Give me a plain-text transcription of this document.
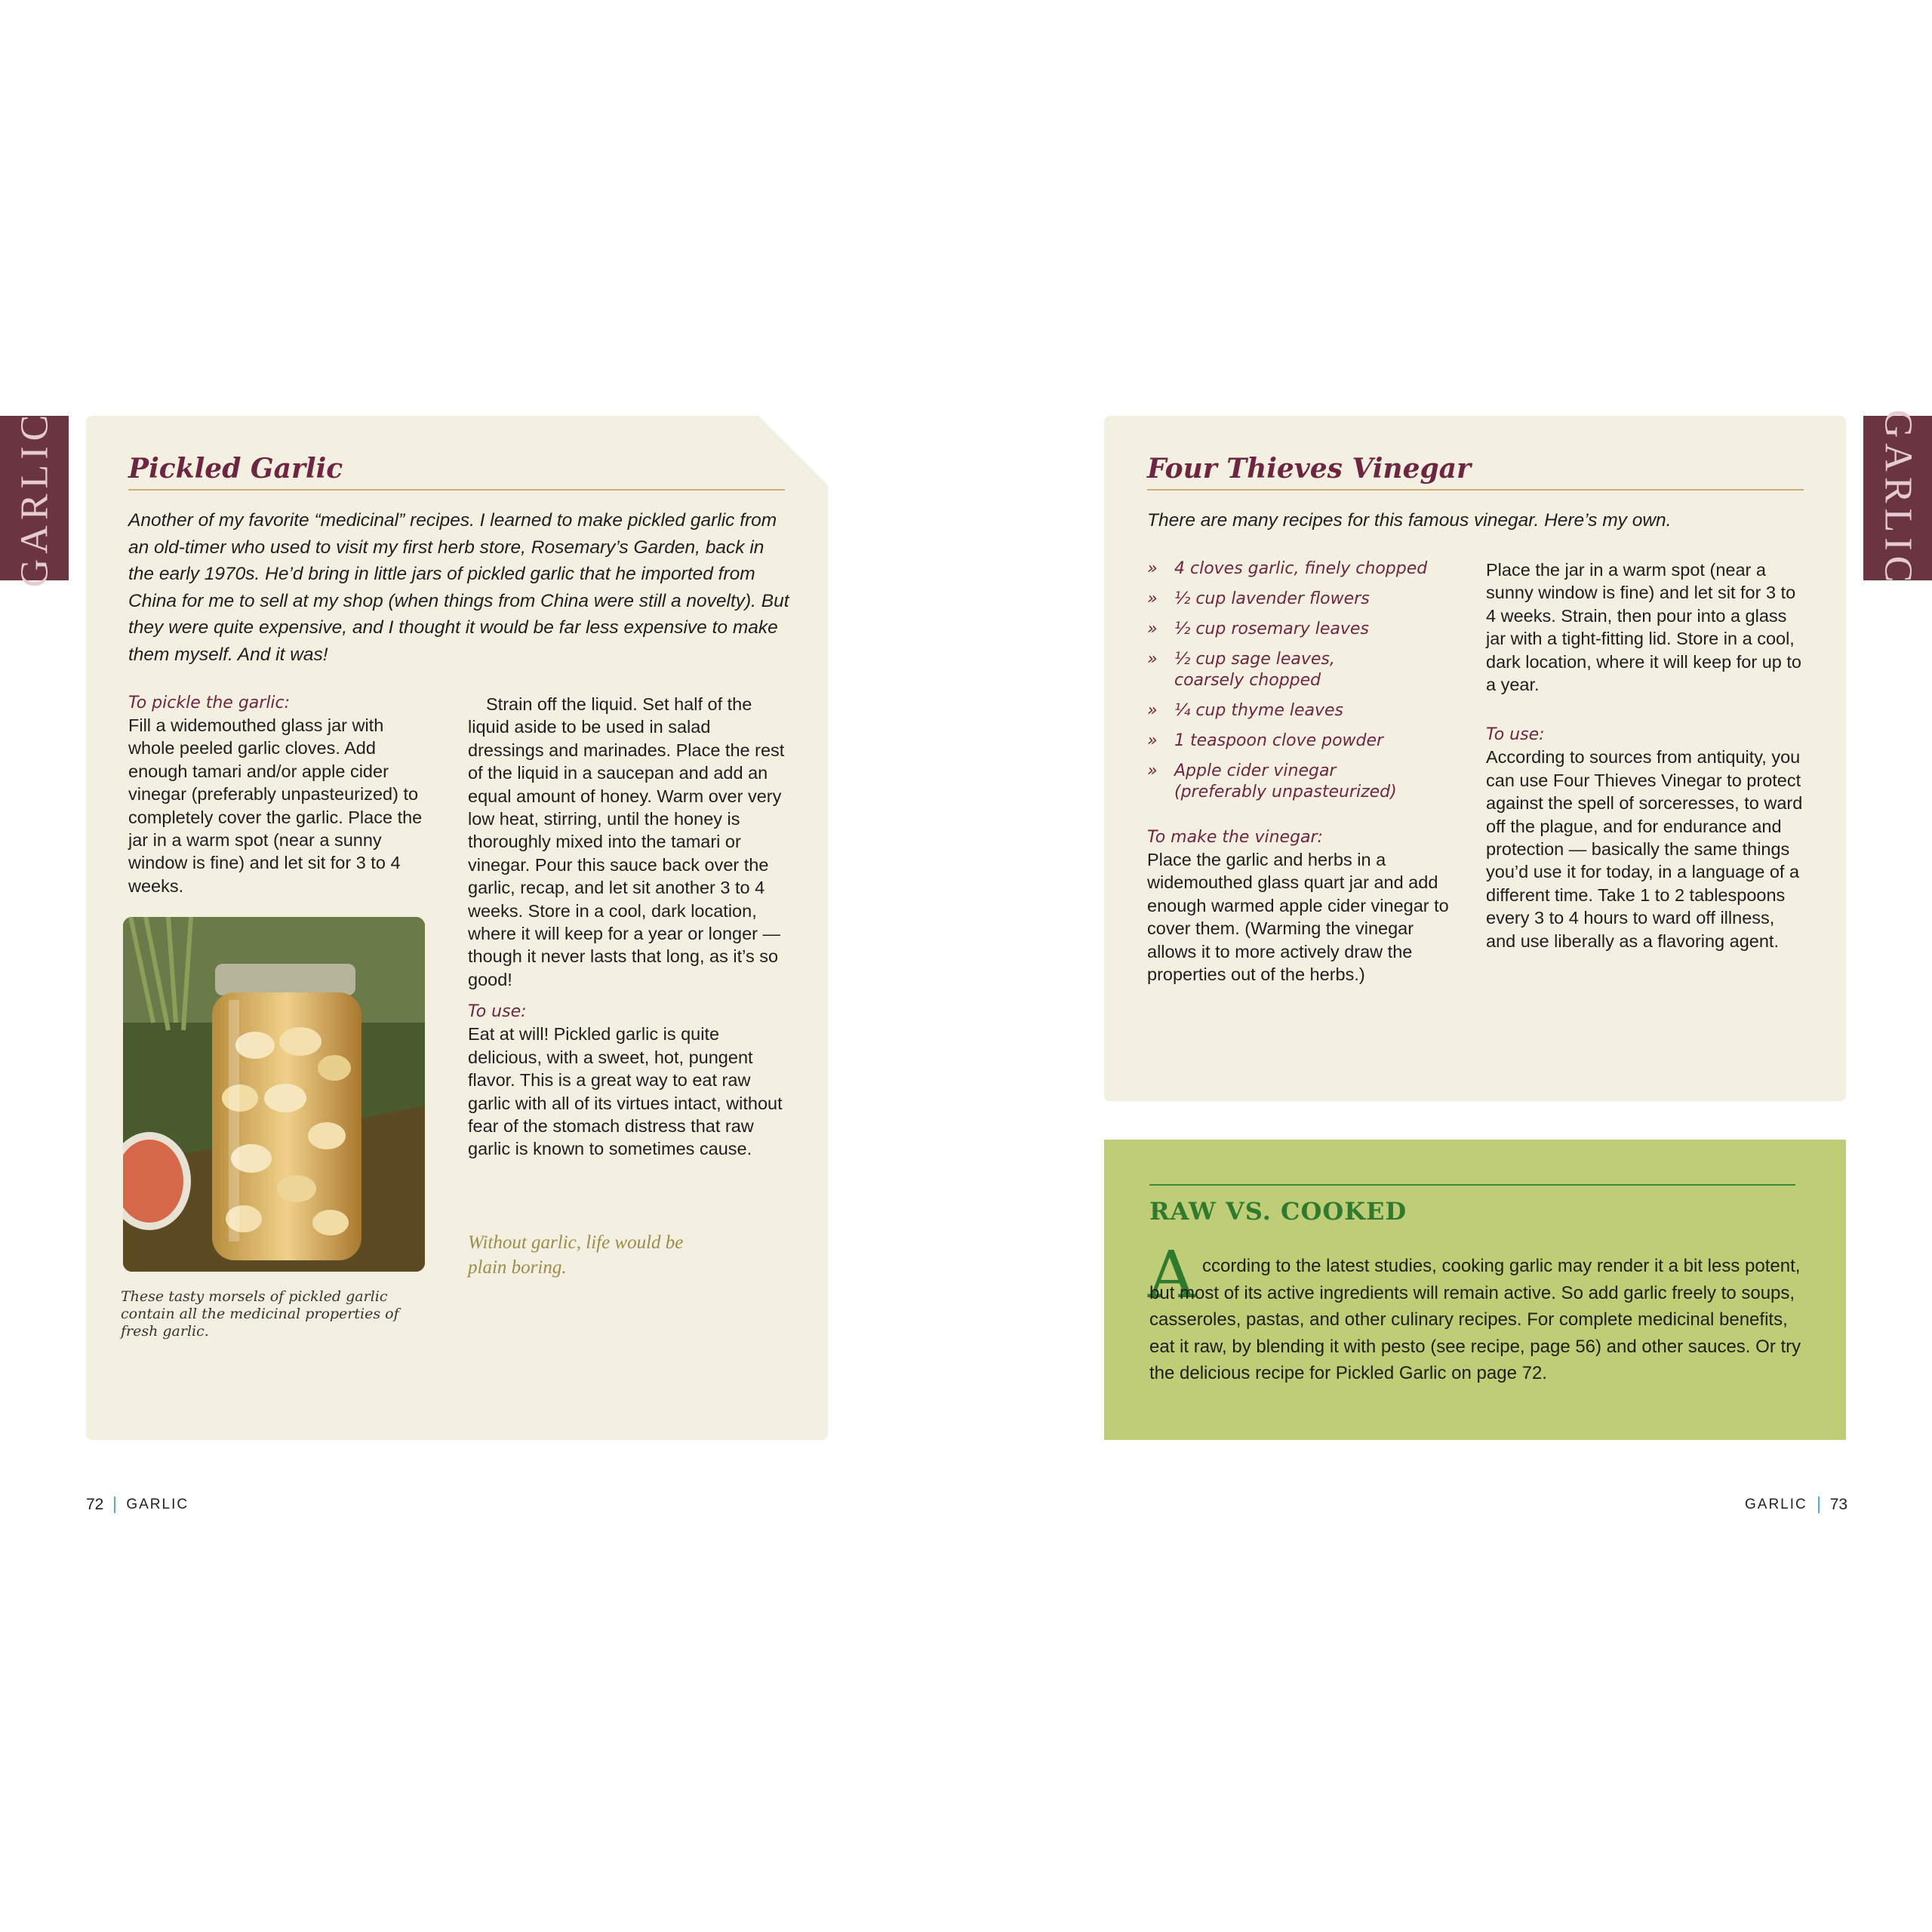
GARLIC	GARLIC
Pickled Garlic

Another of my favorite “medicinal” recipes. I learned to make pickled garlic from an old-timer who used to visit my first herb store, Rosemary’s Garden, back in the early 1970s. He’d bring in little jars of pickled garlic that he imported from China for me to sell at my shop (when things from China were still a novelty). But they were quite expensive, and I thought it would be far less expensive to make them myself. And it was!

To pickle the garlic:

Fill a widemouthed glass jar with whole peeled garlic cloves. Add enough tamari and/or apple cider vinegar (preferably unpasteurized) to completely cover the garlic. Place the jar in a warm spot (near a sunny window is fine) and let sit for 3 to 4 weeks.

These tasty morsels of pickled garlic contain all the medicinal properties of fresh garlic.

Strain off the liquid. Set half of the liquid aside to be used in salad dressings and marinades. Place the rest of the liquid in a saucepan and add an equal amount of honey. Warm over very low heat, stirring, until the honey is thoroughly mixed into the tamari or vinegar. Pour this sauce back over the garlic, recap, and let sit another 3 to 4 weeks. Store in a cool, dark location, where it will keep for a year or longer — though it never lasts that long, as it’s so good!

To use:

Eat at will! Pickled garlic is quite delicious, with a sweet, hot, pungent flavor. This is a great way to eat raw garlic with all of its virtues intact, without fear of the stomach distress that raw garlic is known to sometimes cause.

Without garlic, life would be plain boring.

Four Thieves Vinegar

There are many recipes for this famous vinegar. Here’s my own.

» 4 cloves garlic, finely chopped
» ½ cup lavender flowers
» ½ cup rosemary leaves
» ½ cup sage leaves, coarsely chopped
» ¼ cup thyme leaves
» 1 teaspoon clove powder
» Apple cider vinegar (preferably unpasteurized)

To make the vinegar:

Place the garlic and herbs in a widemouthed glass quart jar and add enough warmed apple cider vinegar to cover them. (Warming the vinegar allows it to more actively draw the properties out of the herbs.)

Place the jar in a warm spot (near a sunny window is fine) and let sit for 3 to 4 weeks. Strain, then pour into a glass jar with a tight-fitting lid. Store in a cool, dark location, where it will keep for up to a year.

To use:

According to sources from antiquity, you can use Four Thieves Vinegar to protect against the spell of sorceresses, to ward off the plague, and for endurance and protection — basically the same things you’d use it for today, in a language of a different time. Take 1 to 2 tablespoons every 3 to 4 hours to ward off illness, and use liberally as a flavoring agent.

RAW VS. COOKED
A ccording to the latest studies, cooking garlic may render it a bit less potent, but most of its active ingredients will remain active. So add garlic freely to soups, casseroles, pastas, and other culinary recipes. For complete medicinal benefits, eat it raw, by blending it with pesto (see recipe, page 56) and other sauces. Or try the delicious recipe for Pickled Garlic on page 72.

72 GARLIC	GARLIC 73
